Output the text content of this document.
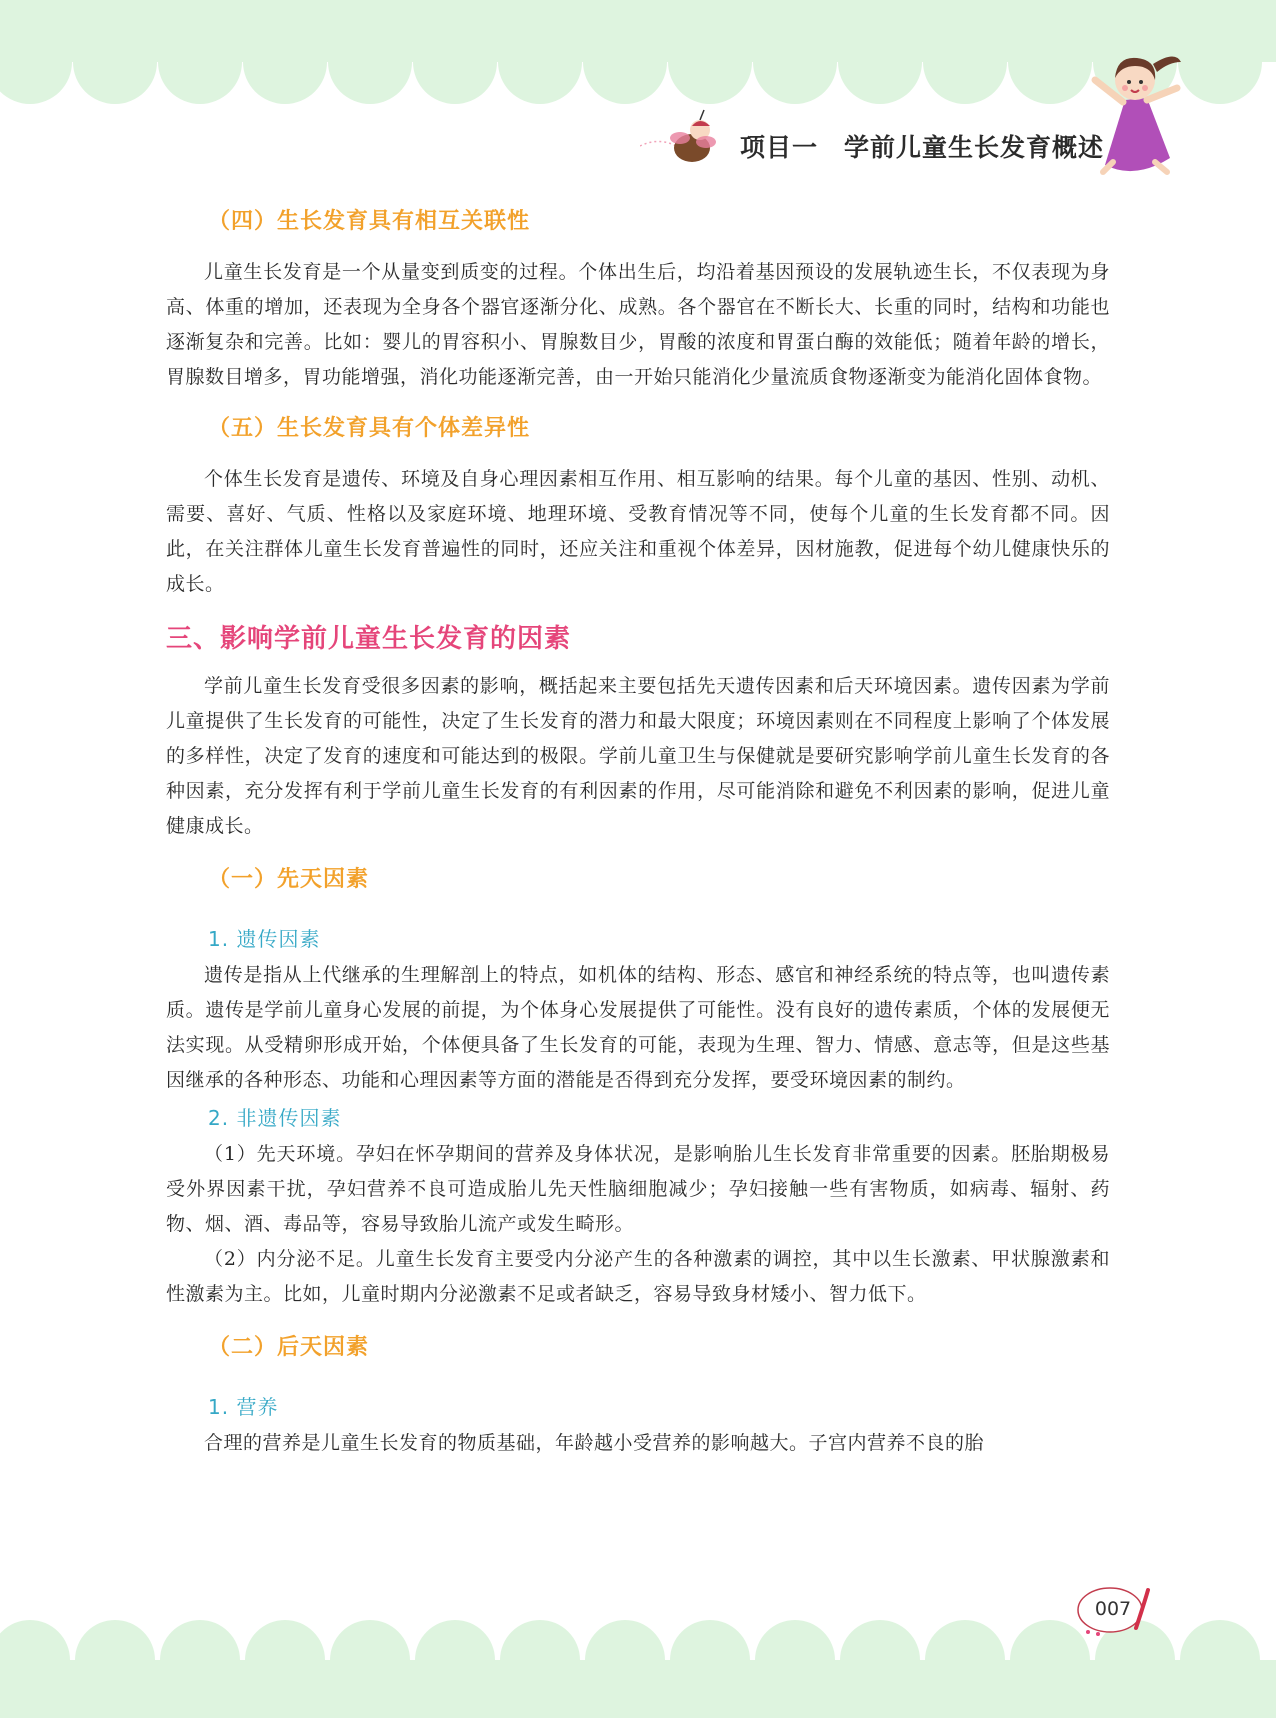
项目一 学前儿童生长发育概述
（四）生长发育具有相互关联性

儿童生长发育是一个从量变到质变的过程。个体出生后，均沿着基因预设的发展轨迹生长，不仅表现为身高、体重的增加，还表现为全身各个器官逐渐分化、成熟。各个器官在不断长大、长重的同时，结构和功能也逐渐复杂和完善。比如：婴儿的胃容积小、胃腺数目少，胃酸的浓度和胃蛋白酶的效能低；随着年龄的增长，胃腺数目增多，胃功能增强，消化功能逐渐完善，由一开始只能消化少量流质食物逐渐变为能消化固体食物。

（五）生长发育具有个体差异性

个体生长发育是遗传、环境及自身心理因素相互作用、相互影响的结果。每个儿童的基因、性别、动机、需要、喜好、气质、性格以及家庭环境、地理环境、受教育情况等不同，使每个儿童的生长发育都不同。因此，在关注群体儿童生长发育普遍性的同时，还应关注和重视个体差异，因材施教，促进每个幼儿健康快乐的成长。

三、影响学前儿童生长发育的因素

学前儿童生长发育受很多因素的影响，概括起来主要包括先天遗传因素和后天环境因素。遗传因素为学前儿童提供了生长发育的可能性，决定了生长发育的潜力和最大限度；环境因素则在不同程度上影响了个体发展的多样性，决定了发育的速度和可能达到的极限。学前儿童卫生与保健就是要研究影响学前儿童生长发育的各种因素，充分发挥有利于学前儿童生长发育的有利因素的作用，尽可能消除和避免不利因素的影响，促进儿童健康成长。

（一）先天因素
1. 遗传因素

遗传是指从上代继承的生理解剖上的特点，如机体的结构、形态、感官和神经系统的特点等，也叫遗传素质。遗传是学前儿童身心发展的前提，为个体身心发展提供了可能性。没有良好的遗传素质，个体的发展便无法实现。从受精卵形成开始，个体便具备了生长发育的可能，表现为生理、智力、情感、意志等，但是这些基因继承的各种形态、功能和心理因素等方面的潜能是否得到充分发挥，要受环境因素的制约。

2. 非遗传因素

（1）先天环境。孕妇在怀孕期间的营养及身体状况，是影响胎儿生长发育非常重要的因素。胚胎期极易受外界因素干扰，孕妇营养不良可造成胎儿先天性脑细胞减少；孕妇接触一些有害物质，如病毒、辐射、药物、烟、酒、毒品等，容易导致胎儿流产或发生畸形。

（2）内分泌不足。儿童生长发育主要受内分泌产生的各种激素的调控，其中以生长激素、甲状腺激素和性激素为主。比如，儿童时期内分泌激素不足或者缺乏，容易导致身材矮小、智力低下。

（二）后天因素
1. 营养

合理的营养是儿童生长发育的物质基础，年龄越小受营养的影响越大。子宫内营养不良的胎

007
